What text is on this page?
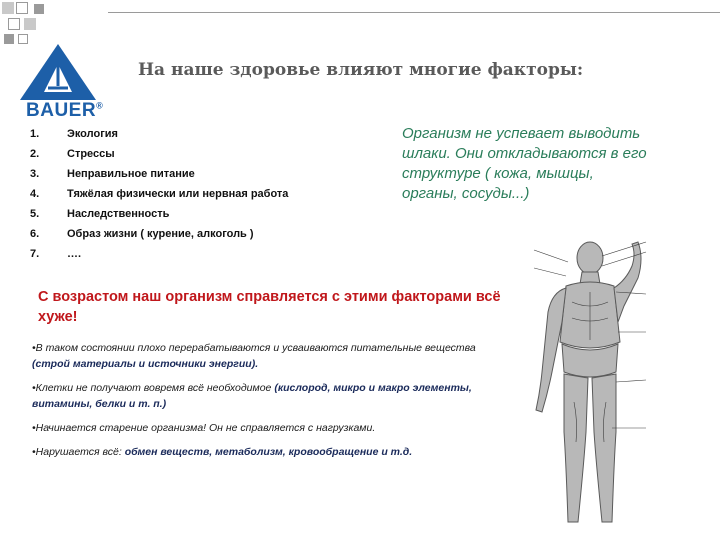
BAUER®
На наше здоровье влияют многие факторы:
1.	Экология
2.	Стрессы
3.	Неправильное питание
4.	Тяжёлая физически или нервная работа
5.	Наследственность
6.	Образ жизни ( курение, алкоголь )
7.	….
Организм не успевает выводить шлаки. Они откладываются в его структуре ( кожа, мышцы, органы, сосуды...)
С возрастом наш организм справляется с этими факторами всё хуже!

•В таком состоянии плохо перерабатываются и усваиваются питательные вещества (строй материалы и источники энергии).

•Клетки не получают вовремя всё необходимое (кислород, микро и макро элементы, витамины, белки и т. п.)

•Начинается старение организма! Он не справляется с нагрузками.

•Нарушается всё: обмен веществ, метаболизм, кровообращение и т.д.
